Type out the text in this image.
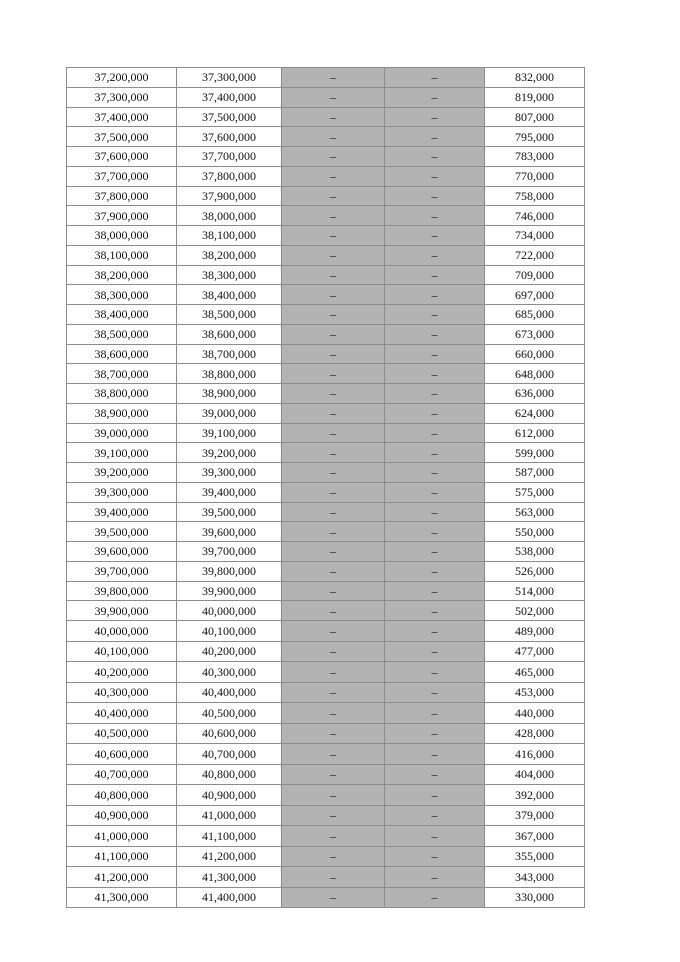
37,200,000	37,300,000	–	–	832,000
37,300,000	37,400,000	–	–	819,000
37,400,000	37,500,000	–	–	807,000
37,500,000	37,600,000	–	–	795,000
37,600,000	37,700,000	–	–	783,000
37,700,000	37,800,000	–	–	770,000
37,800,000	37,900,000	–	–	758,000
37,900,000	38,000,000	–	–	746,000
38,000,000	38,100,000	–	–	734,000
38,100,000	38,200,000	–	–	722,000
38,200,000	38,300,000	–	–	709,000
38,300,000	38,400,000	–	–	697,000
38,400,000	38,500,000	–	–	685,000
38,500,000	38,600,000	–	–	673,000
38,600,000	38,700,000	–	–	660,000
38,700,000	38,800,000	–	–	648,000
38,800,000	38,900,000	–	–	636,000
38,900,000	39,000,000	–	–	624,000
39,000,000	39,100,000	–	–	612,000
39,100,000	39,200,000	–	–	599,000
39,200,000	39,300,000	–	–	587,000
39,300,000	39,400,000	–	–	575,000
39,400,000	39,500,000	–	–	563,000
39,500,000	39,600,000	–	–	550,000
39,600,000	39,700,000	–	–	538,000
39,700,000	39,800,000	–	–	526,000
39,800,000	39,900,000	–	–	514,000
39,900,000	40,000,000	–	–	502,000
40,000,000	40,100,000	–	–	489,000
40,100,000	40,200,000	–	–	477,000
40,200,000	40,300,000	–	–	465,000
40,300,000	40,400,000	–	–	453,000
40,400,000	40,500,000	–	–	440,000
40,500,000	40,600,000	–	–	428,000
40,600,000	40,700,000	–	–	416,000
40,700,000	40,800,000	–	–	404,000
40,800,000	40,900,000	–	–	392,000
40,900,000	41,000,000	–	–	379,000
41,000,000	41,100,000	–	–	367,000
41,100,000	41,200,000	–	–	355,000
41,200,000	41,300,000	–	–	343,000
41,300,000	41,400,000	–	–	330,000
